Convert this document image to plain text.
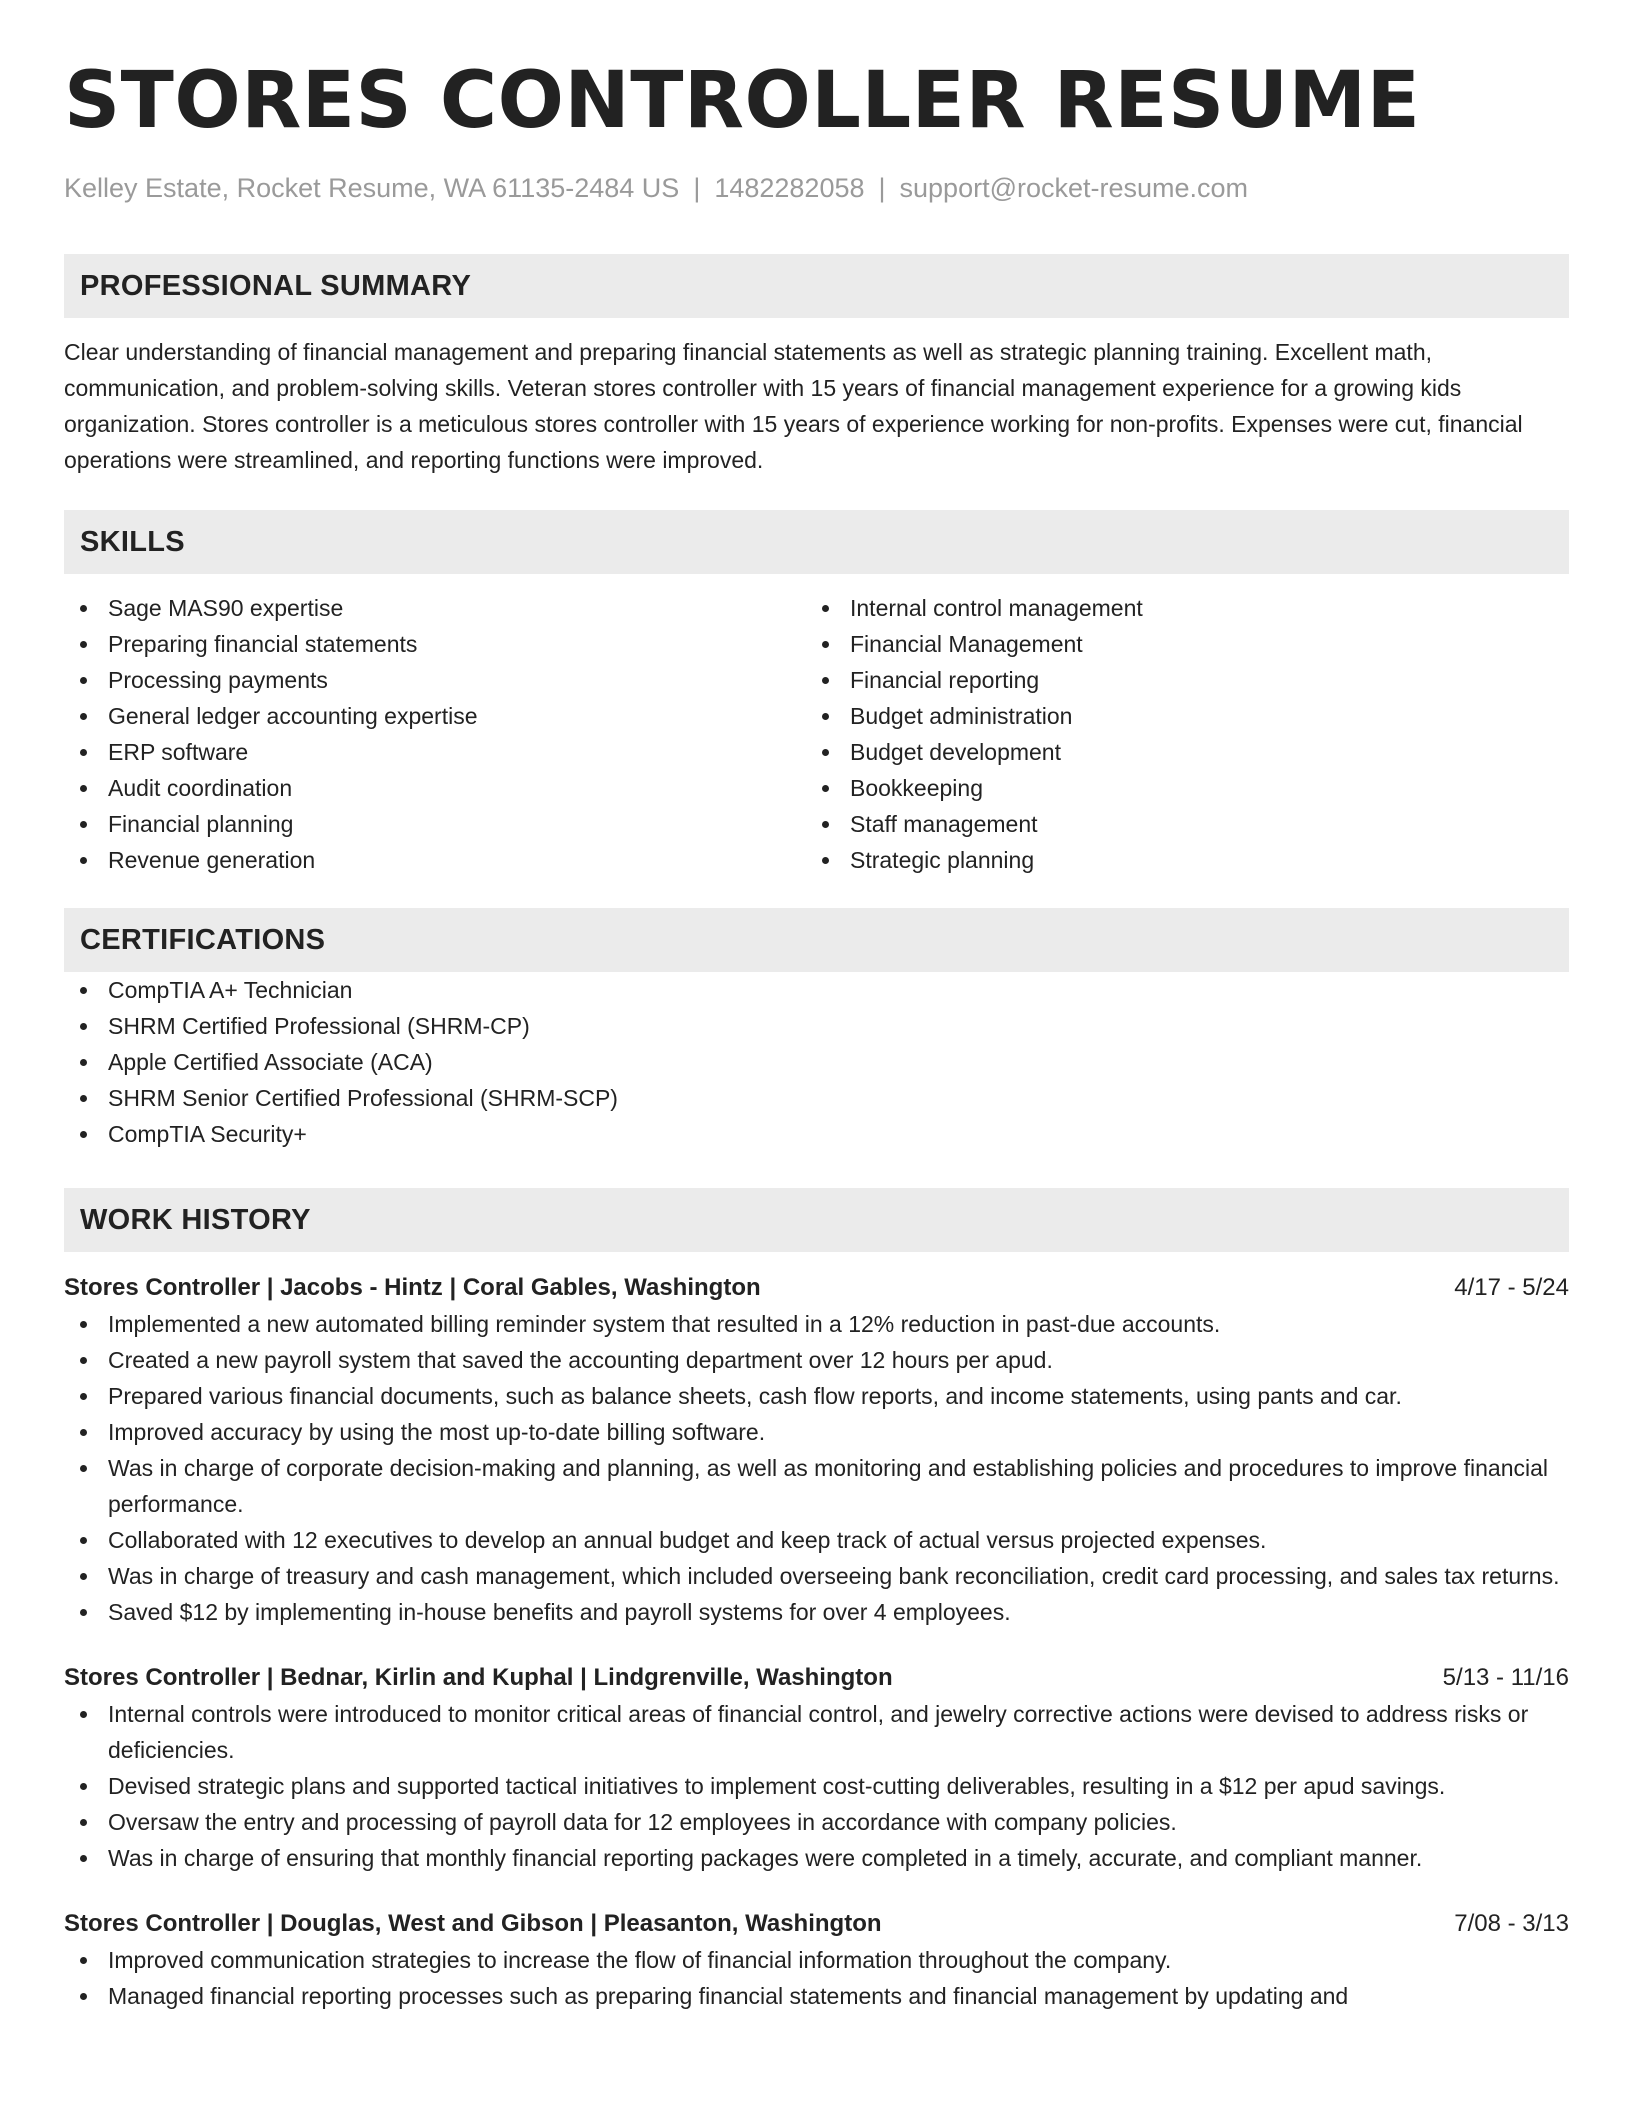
STORES CONTROLLER RESUME
Kelley Estate, Rocket Resume, WA 61135-2484 US | 1482282058 | support@rocket-resume.com
PROFESSIONAL SUMMARY

Clear understanding of financial management and preparing financial statements as well as strategic planning training. Excellent math, communication, and problem-solving skills. Veteran stores controller with 15 years of financial management experience for a growing kids organization. Stores controller is a meticulous stores controller with 15 years of experience working for non-profits. Expenses were cut, financial operations were streamlined, and reporting functions were improved.

SKILLS
Sage MAS90 expertise
Preparing financial statements
Processing payments
General ledger accounting expertise
ERP software
Audit coordination
Financial planning
Revenue generation
Internal control management
Financial Management
Financial reporting
Budget administration
Budget development
Bookkeeping
Staff management
Strategic planning
CERTIFICATIONS
CompTIA A+ Technician
SHRM Certified Professional (SHRM-CP)
Apple Certified Associate (ACA)
SHRM Senior Certified Professional (SHRM-SCP)
CompTIA Security+
WORK HISTORY
Stores Controller | Jacobs - Hintz | Coral Gables, Washington	4/17 - 5/24
Implemented a new automated billing reminder system that resulted in a 12% reduction in past-due accounts.
Created a new payroll system that saved the accounting department over 12 hours per apud.
Prepared various financial documents, such as balance sheets, cash flow reports, and income statements, using pants and car.
Improved accuracy by using the most up-to-date billing software.
Was in charge of corporate decision-making and planning, as well as monitoring and establishing policies and procedures to improve financial performance.
Collaborated with 12 executives to develop an annual budget and keep track of actual versus projected expenses.
Was in charge of treasury and cash management, which included overseeing bank reconciliation, credit card processing, and sales tax returns.
Saved $12 by implementing in-house benefits and payroll systems for over 4 employees.
Stores Controller | Bednar, Kirlin and Kuphal | Lindgrenville, Washington	5/13 - 11/16
Internal controls were introduced to monitor critical areas of financial control, and jewelry corrective actions were devised to address risks or deficiencies.
Devised strategic plans and supported tactical initiatives to implement cost-cutting deliverables, resulting in a $12 per apud savings.
Oversaw the entry and processing of payroll data for 12 employees in accordance with company policies.
Was in charge of ensuring that monthly financial reporting packages were completed in a timely, accurate, and compliant manner.
Stores Controller | Douglas, West and Gibson | Pleasanton, Washington	7/08 - 3/13
Improved communication strategies to increase the flow of financial information throughout the company.
Managed financial reporting processes such as preparing financial statements and financial management by updating and
